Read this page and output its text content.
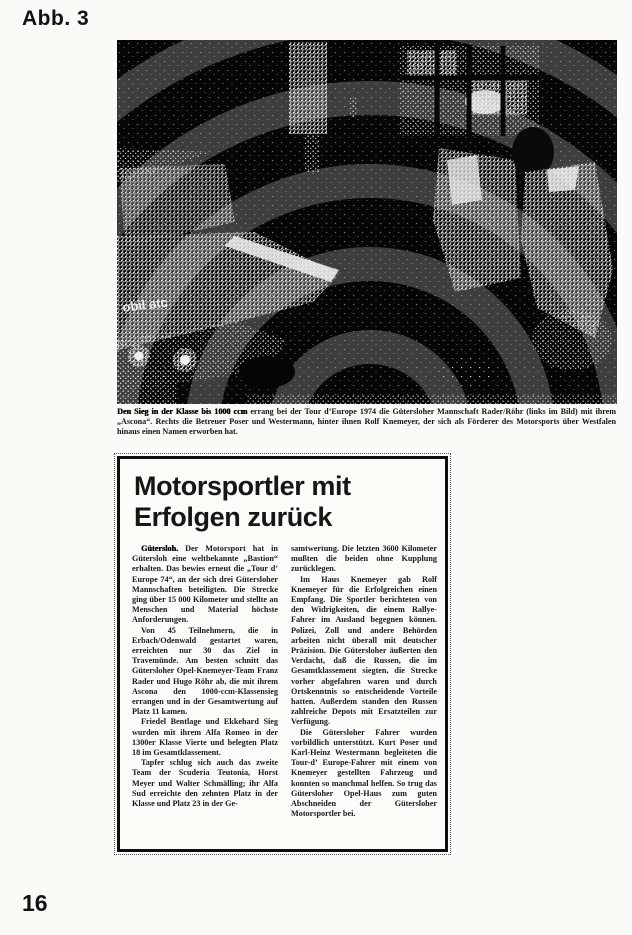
Abb. 3
obil atc
Den Sieg in der Klasse bis 1000 ccm errang bei der Tour d’Europe 1974 die Gütersloher Mannschaft Rader/Röhr (links im Bild) mit ihrem „Ascona“. Rechts die Betreuer Poser und Westermann, hinter ihnen Rolf Knemeyer, der sich als Förderer des Motorsports über Westfalen hinaus einen Namen erworben hat.
Motorsportler mit Erfolgen zurück

Gütersloh. Der Motorsport hat in Gütersloh eine weltbekannte „Bastion“ erhalten. Das bewies erneut die „Tour d’ Europe 74“, an der sich drei Gütersloher Mannschaften beteiligten. Die Strecke ging über 15 000 Kilometer und stellte an Menschen und Material höchste Anforderungen.

Von 45 Teilnehmern, die in Erbach/Odenwald gestartet waren, erreichten nur 30 das Ziel in Travemünde. Am besten schnitt das Gütersloher Opel-Knemeyer-Team Franz Rader und Hugo Röhr ab, die mit ihrem Ascona den 1000-ccm-Klassensieg errangen und in der Gesamtwertung auf Platz 11 kamen.

Friedel Bentlage und Ekkehard Sieg wurden mit ihrem Alfa Romeo in der 1300er Klasse Vierte und belegten Platz 18 im Gesamtklassement.

Tapfer schlug sich auch das zweite Team der Scuderia Teutonia, Horst Meyer und Walter Schmälling; ihr Alfa Sud erreichte den zehnten Platz in der Klasse und Platz 23 in der Ge-

samtwertung. Die letzten 3600 Kilometer mußten die beiden ohne Kupplung zurücklegen.

Im Haus Knemeyer gab Rolf Knemeyer für die Erfolgreichen einen Empfang. Die Sportler berichteten von den Widrigkeiten, die einem Rallye-Fahrer im Ausland begegnen können. Polizei, Zoll und andere Behörden arbeiten nicht überall mit deutscher Präzision. Die Gütersloher äußerten den Verdacht, daß die Russen, die im Gesamtklassement siegten, die Strecke vorher abgefahren waren und durch Ortskenntnis so entscheidende Vorteile hatten. Außerdem standen den Russen zahlreiche Depots mit Ersatzteilen zur Verfügung.

Die Gütersloher Fahrer wurden vorbildlich unterstützt. Kurt Poser und Karl-Heinz Westermann begleiteten die Tour-d’ Europe-Fahrer mit einem von Knemeyer gestellten Fahrzeug und konnten so manchmal helfen. So trug das Gütersloher Opel-Haus zum guten Abschneiden der Gütersloher Motorsportler bei.

16
